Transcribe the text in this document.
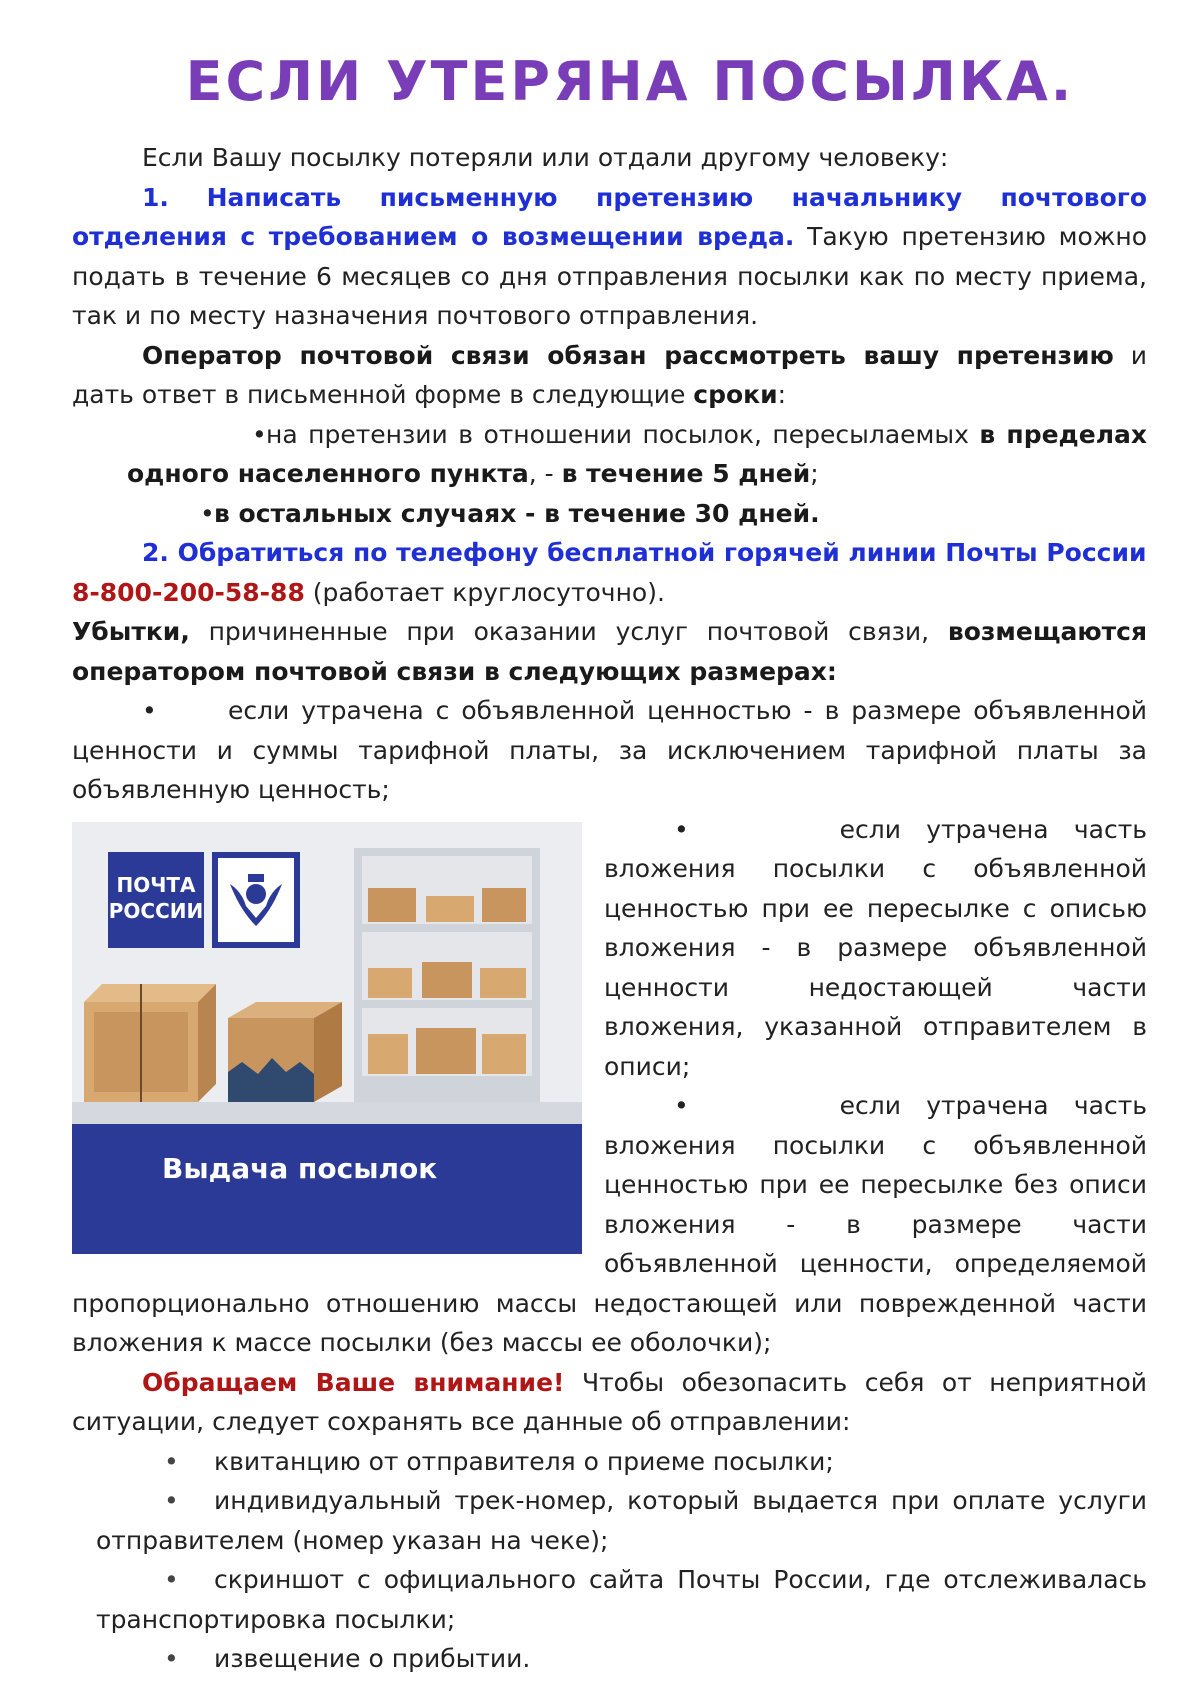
ЕСЛИ УТЕРЯНА ПОСЫЛКА.

Если Вашу посылку потеряли или отдали другому человеку:

1. Написать письменную претензию начальнику почтового отделения с требованием о возмещении вреда. Такую претензию можно подать в течение 6 месяцев со дня отправления посылки как по месту приема, так и по месту назначения почтового отправления.

Оператор почтовой связи обязан рассмотреть вашу претензию и дать ответ в письменной форме в следующие сроки:

•на претензии в отношении посылок, пересылаемых в пределах одного населенного пункта, - в течение 5 дней;

•в остальных случаях - в течение 30 дней.

2. Обратиться по телефону бесплатной горячей линии Почты России

8-800-200-58-88 (работает круглосуточно).

Убытки, причиненные при оказании услуг почтовой связи, возмещаются оператором почтовой связи в следующих размерах:

•	если утрачена с объявленной ценностью - в размере объявленной ценности и суммы тарифной платы, за исключением тарифной платы за объявленную ценность;

ПОЧТА
РОССИИ
Выдача посылок

•	если утрачена часть вложения посылки с объявленной ценностью при ее пересылке с описью вложения - в размере объявленной ценности недостающей части вложения, указанной отправителем в описи;

•	если утрачена часть вложения посылки с объявленной ценностью при ее пересылке без описи вложения - в размере части объявленной ценности, определяемой пропорционально отношению массы недостающей или поврежденной части вложения к массе посылки (без массы ее оболочки);

Обращаем Ваше внимание! Чтобы обезопасить себя от неприятной ситуации, следует сохранять все данные об отправлении:

• квитанцию от отправителя о приеме посылки;

• индивидуальный трек-номер, который выдается при оплате услуги отправителем (номер указан на чеке);

• скриншот с официального сайта Почты России, где отслеживалась транспортировка посылки;

• извещение о прибытии.
